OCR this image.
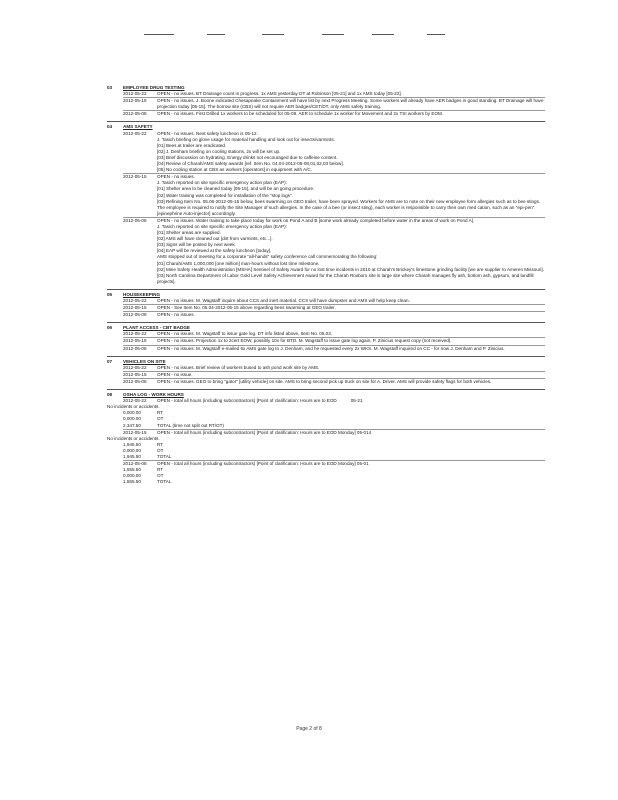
03	EMPLOYEE DRUG TESTING
2012-05-22	OPEN - no issues. BT Drainage count in progress. 1x AMS yesterday DT at Robinson [05-21] and 1x AMS today [05-22].
2012-05-15	OPEN - no issues. J. Boone indicated Chesapeake Containment will have list by next Progress Meeting. Some workers will already have AER badges in good standing. BT Drainage will have projection today [05-15]. The borrow site (CBS) will not require AER badges/CET/DT, only AMS safety training.
2012-05-08	OPEN - no issues. First Drilled 1x workers to be scheduled for 05-08. AER to schedule 1x worker for Movement and 2x TSI workers by EOM.
04	AMS SAFETY
2012-05-22	OPEN - no issues. Next safety luncheon is 05-12.
J. Tasich briefing on glove usage for material handling and look out for insects/varmints.
[01] Bees at trailer are eradicated.
[02] J. Denham briefing on cooling stations, 2x will be set up.
[03] Brief discussion on hydrating. Energy drinks not encouraged due to caffeine content.
[04] Review of Charah/AMS safety awards [ref. Item No. 04.04-2012-05-08,01,02,03 below].
[05] No cooling station at CBS as workers [operators] in equipment with A/C.
2012-05-15	OPEN - no issues.
J. Tasich reported on site specific emergency action plan (EAP):
[01] Shelter area to be cleaned today [05-15], and will be an going procedure.
[02] Water training was completed for installation of the "stop logs".
[03] Refining Item No. 05.06-2012-05-15 below, bees swarming on GEO trailer, have been sprayed. Workers for AMS are to note on their new employee form allergies such as to bee stings. The employee is required to notify the Site Manager of such allergies. In the case of a bee (or insect sting), each worker is responsible to carry their own med cation, such as an "epi-pen" [epinephrine Auto-injector] accordingly.
2012-05-08	OPEN - no issues. Water training to take place today for work on Pond A and B [some work already completed before water in the areas of work on Pond A].
J. Tasich reported on site specific emergency action plan (EAP):
[01] Shelter areas are supplied.
[02] AMS will have cleaned out [dirt from varmints, etc...].
[03] Signs will be posted by next week.
[04] EAP will be reviewed at the safety luncheon [today].
AMS stopped out of meeting for a corporate "all-hands" safety conference call commemorating the following:
[01] Charah/AMS 1,000,000 [one million] man-hours without lost time milestone.
[02] Mine Safety Health Administration [MSHA] Sentinel of Safety Award for no lost time incidents in 2010 at Charah's Brickey's limestone grinding facility [we are supplier to Ameren Missouri].
[03] North Carolina Department of Labor Gold Level Safety Achievement Award for the Charah Roxboro site is large site where Charah manages fly ash, bottom ash, gypsum, and landfill projects].
05	HOUSEKEEPING
2012-05-22	OPEN - no issues. M. Wagstaff inquire about CCS and inert material. CCS will have dumpster and AMS will help keep clean.
2012-05-15	OPEN - See Item No. 05.04-2012-05-15 above regarding bees swarming at GEO trailer.
2012-05-08	OPEN - no issues.
06	PLANT ACCESS - CBT BADGE
2012-05-22	OPEN - no issues. M. Wagstaff to issue gate log. DT info listed above, Item No. 05.03.
2012-05-15	OPEN - no issues. Projection 1x to 2cert EOW, possibly 10x for BTD. M. Wagstaff to issue gate log again, P. Zinicius request copy (not received).
2012-05-08	OPEN - no issues. M. Wagstaff e-mailed 6x AMS gate log to J. Denham, and he requested every 2x WKS. M. Wagstaff inquired on CC - for now J. Denham and P. Zinicius.
07	VEHICLES ON SITE
2012-05-22	OPEN - no issues. Brief review of workers bused to ash pond work site by AMS.
2012-05-15	OPEN - no issue.
2012-05-08	OPEN - no issues. GEO to bring "gator" [utility vehicle] on site. AMS to bring second pick up truck on site for A. Driver. AMS will provide safety flags for both vehicles.
08	OSHA LOG - WORK HOURS
2012-05-22	OPEN - total all hours (including subcontractors) [Point of clarification: Hours are to EOD	05-21
No incidents or accidents.
0,000.00	RT
0,000.00	OT
2,347.50	TOTAL (time not split out RT/OT)
2012-05-15	OPEN - total all hours (including subcontractors) [Point of clarification: Hours are to EOD Monday] 05-014
No incidents or accidents.
1,945.50	RT
0,000.00	OT
1,945.50	TOTAL
2012-05-08	OPEN - total all hours (including subcontractors) [Point of clarification: Hours are to EOD Monday] 05-01
1,555.50	RT
0,000.00	OT
1,555.50	TOTAL
Page 2 of 8
